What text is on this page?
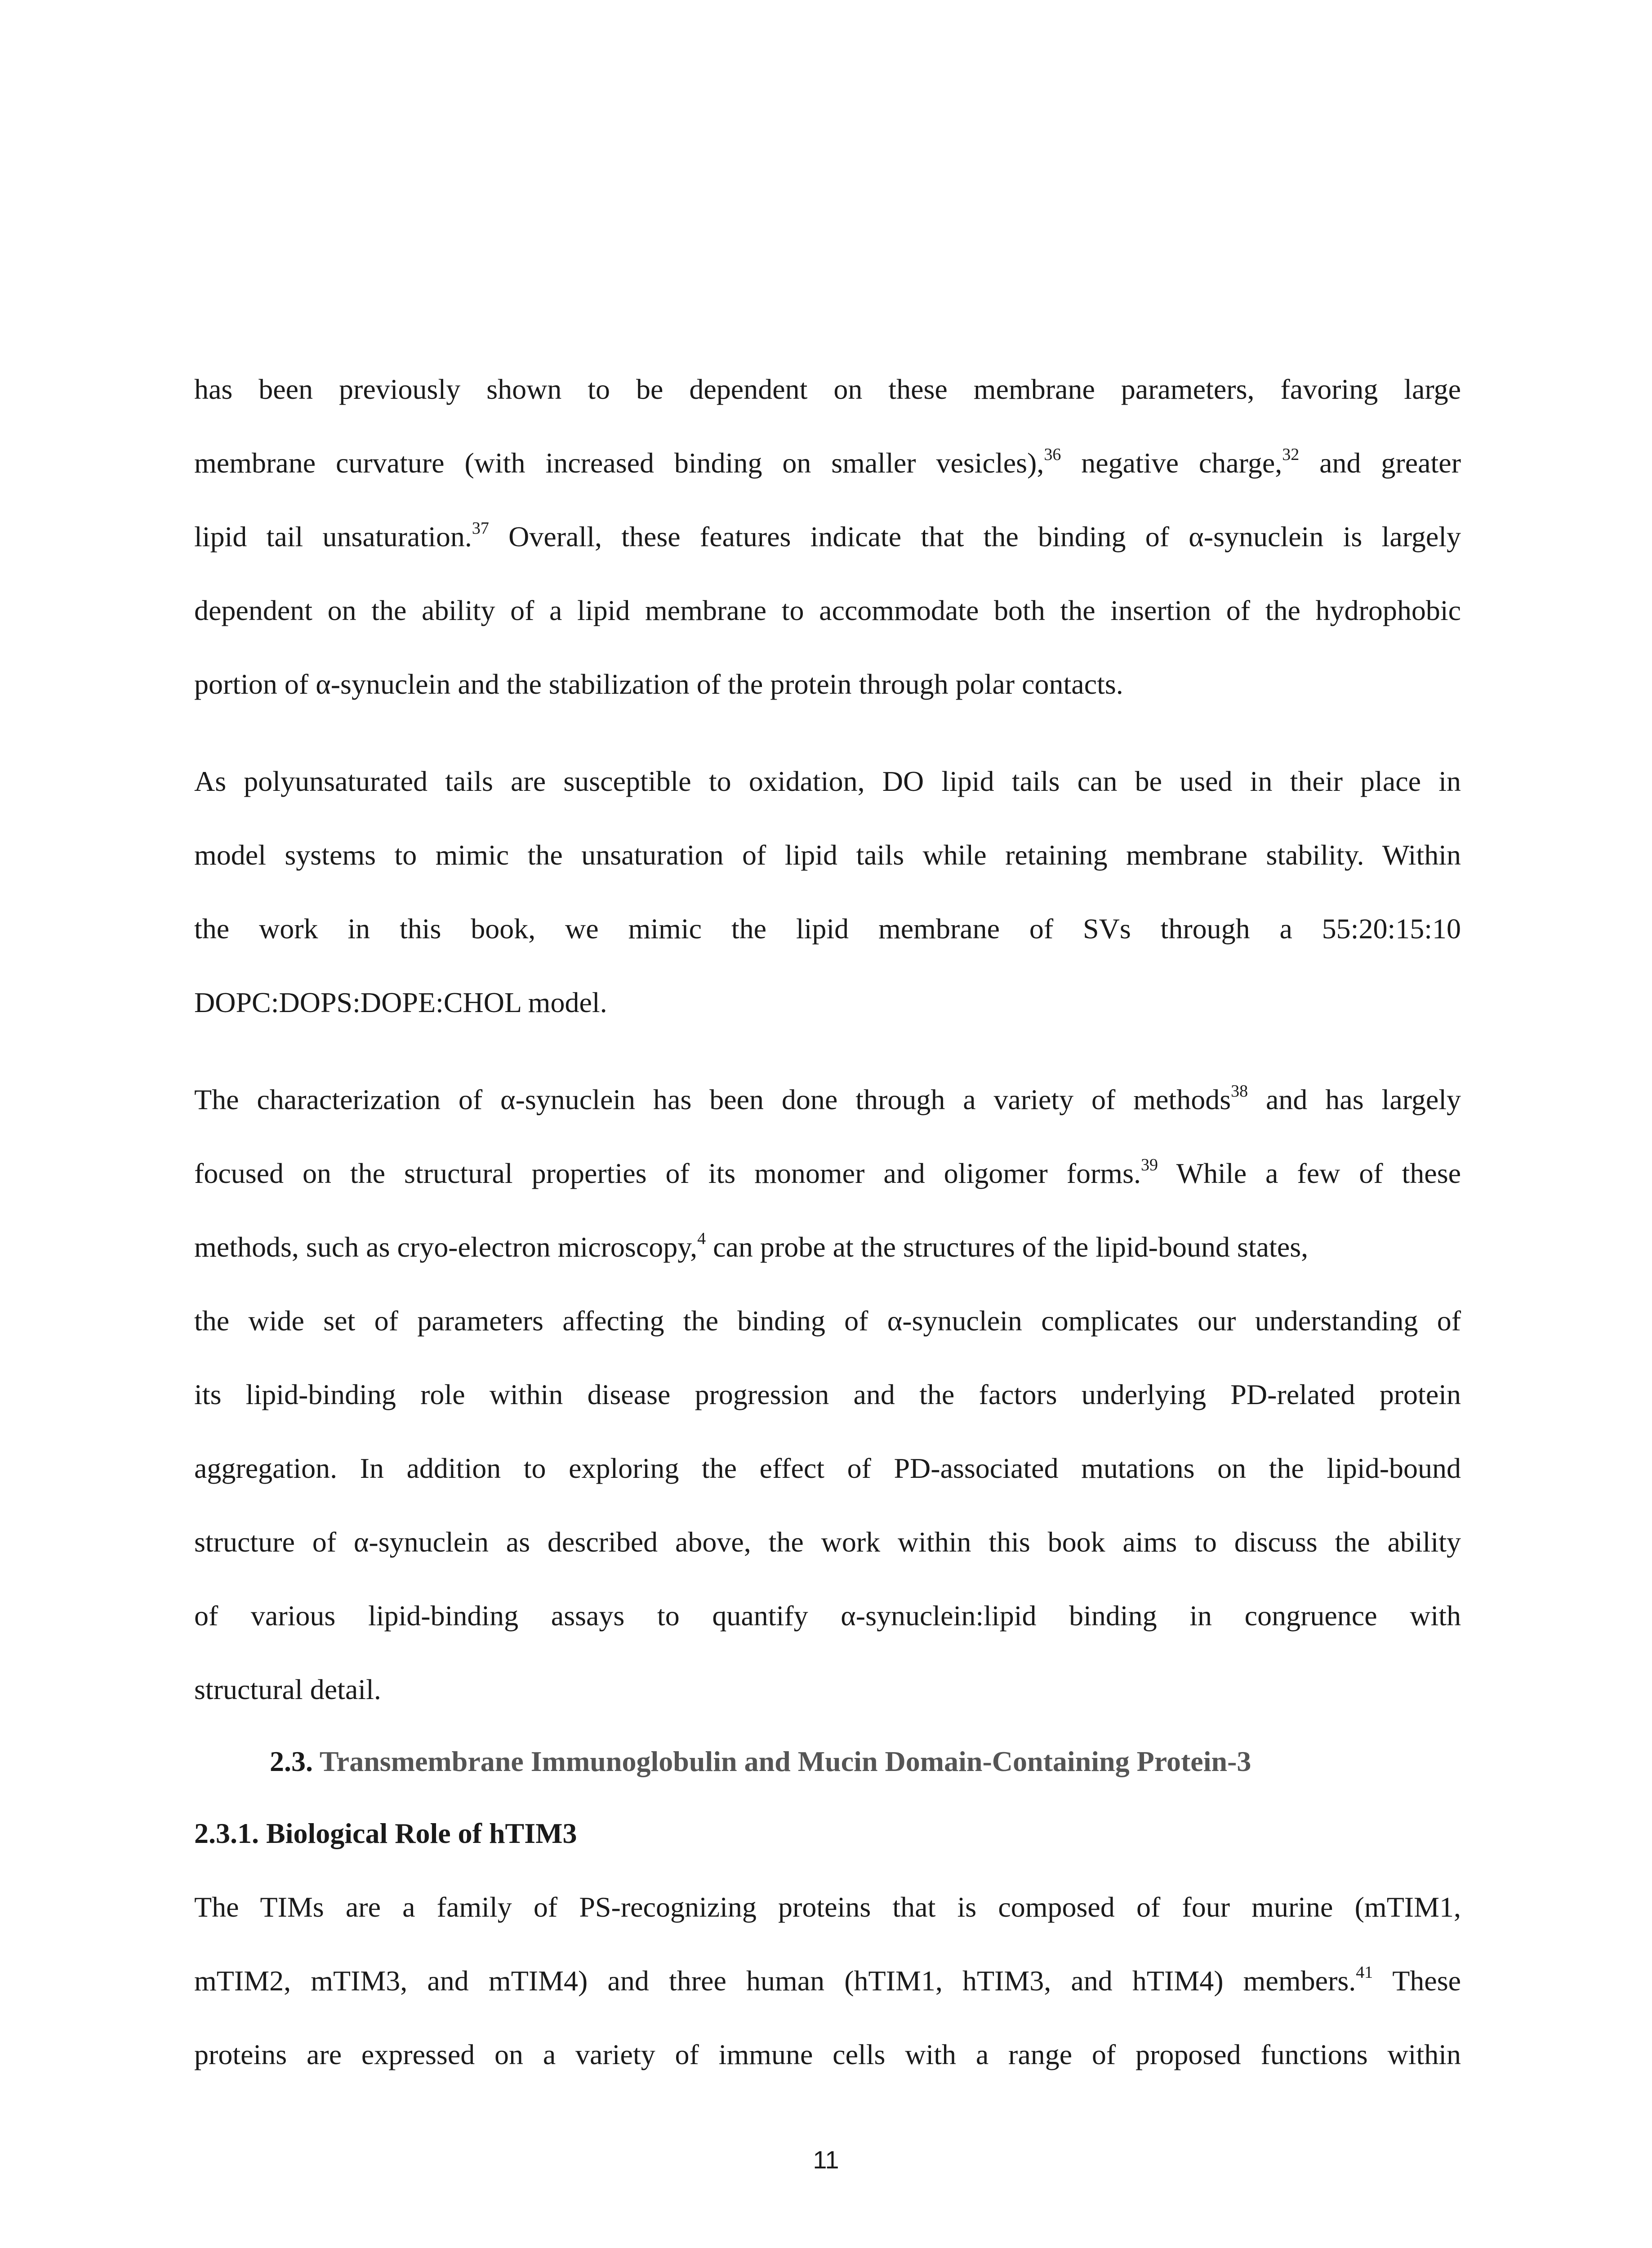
has been previously shown to be dependent on these membrane parameters, favoring large
membrane curvature (with increased binding on smaller vesicles),$^{36}$ negative charge,$^{32}$ and greater
lipid tail unsaturation.$^{37}$ Overall, these features indicate that the binding of α-synuclein is largely
dependent on the ability of a lipid membrane to accommodate both the insertion of the hydrophobic
portion of α-synuclein and the stabilization of the protein through polar contacts.
As polyunsaturated tails are susceptible to oxidation, DO lipid tails can be used in their place in
model systems to mimic the unsaturation of lipid tails while retaining membrane stability. Within
the work in this book, we mimic the lipid membrane of SVs through a 55:20:15:10
DOPC:DOPS:DOPE:CHOL model.
The characterization of α-synuclein has been done through a variety of methods$^{38}$ and has largely
focused on the structural properties of its monomer and oligomer forms.$^{39}$ While a few of these
methods, such as cryo-electron microscopy,$^4$ can probe at the structures of the lipid-bound states,
the wide set of parameters affecting the binding of α-synuclein complicates our understanding of
its lipid-binding role within disease progression and the factors underlying PD-related protein
aggregation. In addition to exploring the effect of PD-associated mutations on the lipid-bound
structure of α-synuclein as described above, the work within this book aims to discuss the ability
of various lipid-binding assays to quantify α-synuclein:lipid binding in congruence with
structural detail.
2.3. Transmembrane Immunoglobulin and Mucin Domain-Containing Protein-3
2.3.1. Biological Role of hTIM3
The TIMs are a family of PS-recognizing proteins that is composed of four murine (mTIM1,
mTIM2, mTIM3, and mTIM4) and three human (hTIM1, hTIM3, and hTIM4) members.$^{41}$ These
proteins are expressed on a variety of immune cells with a range of proposed functions within
11
